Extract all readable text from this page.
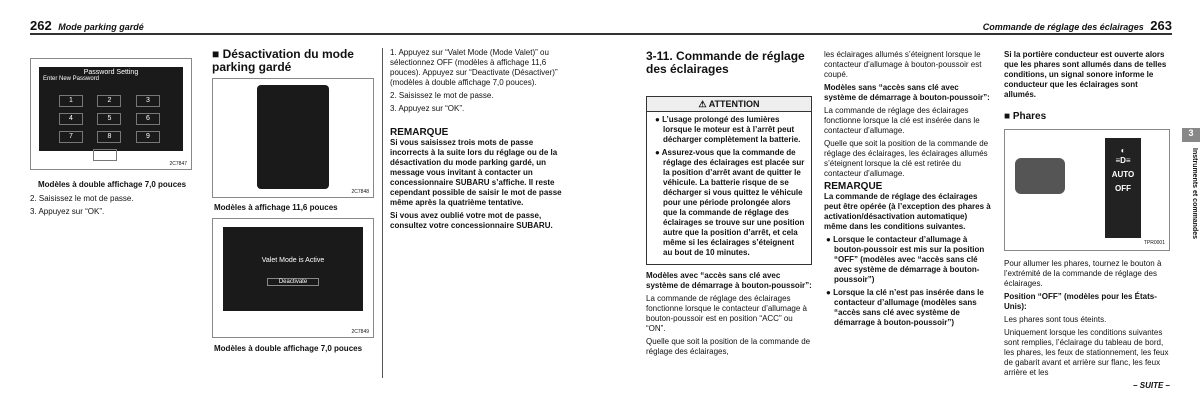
262 Mode parking gardé
Password Setting
Enter New Password
1	2	3
4	5	6
7	8	9
0
2C7847
Modèles à double affichage 7,0 pouces

2. Saisissez le mot de passe.

3. Appuyez sur “OK”.

■ Désactivation du mode parking gardé
2C7848
Modèles à affichage 11,6 pouces
Valet Mode is Active
Deactivate
2C7849
Modèles à double affichage 7,0 pouces

1. Appuyez sur “Valet Mode (Mode Valet)” ou sélectionnez OFF (modèles à affichage 11,6 pouces). Appuyez sur “Deactivate (Désactiver)” (modèles à double affichage 7,0 pouces).

2. Saisissez le mot de passe.

3. Appuyez sur “OK”.

REMARQUE

Si vous saisissez trois mots de passe incorrects à la suite lors du réglage ou de la désactivation du mode parking gardé, un message vous invitant à contacter un concessionnaire SUBARU s’affiche. Il reste cependant possible de saisir le mot de passe même après la quatrième tentative.

Si vous avez oublié votre mot de passe, consultez votre concessionnaire SUBARU.

Commande de réglage des éclairages 263
3-11. Commande de réglage des éclairages
⚠ ATTENTION

● L’usage prolongé des lumières lorsque le moteur est à l’arrêt peut décharger complètement la batterie.

● Assurez-vous que la commande de réglage des éclairages est placée sur la position d’arrêt avant de quitter le véhicule. La batterie risque de se décharger si vous quittez le véhicule pour une période prolongée alors que la commande de réglage des éclairages se trouve sur une position autre que la position d’arrêt, et cela même si les éclairages s’éteignent au bout de 10 minutes.

Modèles avec “accès sans clé avec système de démarrage à bouton-poussoir”:

La commande de réglage des éclairages fonctionne lorsque le contacteur d’allumage à bouton-poussoir est en position “ACC” ou “ON”.

Quelle que soit la position de la commande de réglage des éclairages,

les éclairages allumés s’éteignent lorsque le contacteur d’allumage à bouton-poussoir est coupé.

Modèles sans “accès sans clé avec système de démarrage à bouton-poussoir”:

La commande de réglage des éclairages fonctionne lorsque la clé est insérée dans le contacteur d’allumage.

Quelle que soit la position de la commande de réglage des éclairages, les éclairages allumés s’éteignent lorsque la clé est retirée du contacteur d’allumage.

REMARQUE

La commande de réglage des éclairages peut être opérée (à l’exception des phares à activation/désactivation automatique) même dans les conditions suivantes.

● Lorsque le contacteur d’allumage à bouton-poussoir est mis sur la position “OFF” (modèles avec “accès sans clé avec système de démarrage à bouton-poussoir”)

● Lorsque la clé n’est pas insérée dans le contacteur d’allumage (modèles sans “accès sans clé avec système de démarrage à bouton-poussoir”)

Si la portière conducteur est ouverte alors que les phares sont allumés dans de telles conditions, un signal sonore informe le conducteur que les éclairages sont allumés.

■ Phares
◐
≡D≡
AUTO
OFF
TPR0001

Pour allumer les phares, tournez le bouton à l’extrémité de la commande de réglage des éclairages.

Position “OFF” (modèles pour les États-Unis):

Les phares sont tous éteints.

Uniquement lorsque les conditions suivantes sont remplies, l’éclairage du tableau de bord, les phares, les feux de stationnement, les feux de gabarit avant et arrière sur flanc, les feux arrière et les

– SUITE –
3
Instruments et commandes
